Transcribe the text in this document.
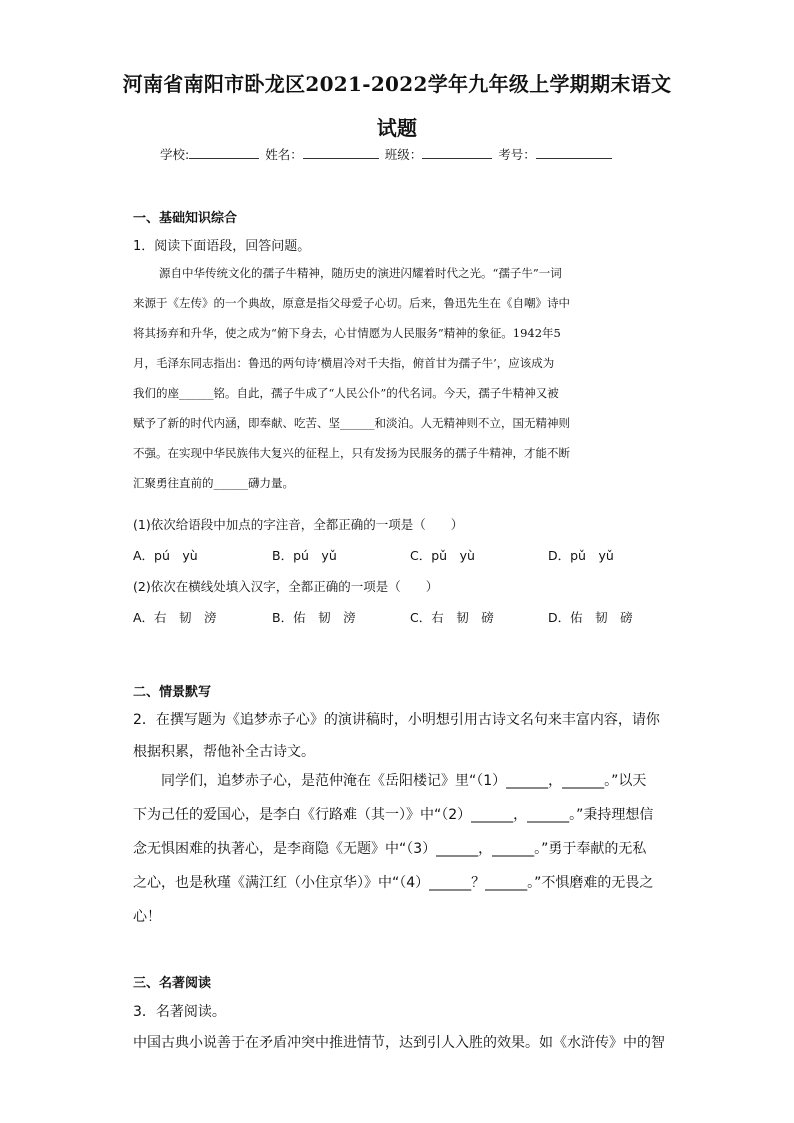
河南省南阳市卧龙区2021-2022学年九年级上学期期末语文
试题
学校:	姓名：	班级：	考号：
一、基础知识综合
1．阅读下面语段，回答问题。
源自中华传统文化的孺子牛精神，随历史的演进闪耀着时代之光。“孺子牛”一词
来源于《左传》的一个典故，原意是指父母爱子心切。后来，鲁迅先生在《自嘲》诗中
将其扬弃和升华，使之成为“俯下身去，心甘情愿为人民服务”精神的象征。1942年5
月，毛泽东同志指出：鲁迅的两句诗‘横眉冷对千夫指，俯首甘为孺子牛’，应该成为
我们的座______铭。自此，孺子牛成了“人民公仆”的代名词。今天，孺子牛精神又被
赋予了新的时代内涵，即奉献、吃苦、坚______和淡泊。人无精神则不立，国无精神则
不强。在实现中华民族伟大复兴的征程上，只有发扬为民服务的孺子牛精神，才能不断
汇聚勇往直前的______礴力量。
(1)依次给语段中加点的字注音，全都正确的一项是（　　）
A．pú　yù	B．pú　yǔ	C．pǔ　yù	D．pǔ　yǔ
(2)依次在横线处填入汉字，全都正确的一项是（　　）
A．右　韧　滂	B．佑　韧　滂	C．右　韧　磅	D．佑　韧　磅
二、情景默写
2．在撰写题为《追梦赤子心》的演讲稿时，小明想引用古诗文名句来丰富内容，请你
根据积累，帮他补全古诗文。
　　同学们，追梦赤子心，是范仲淹在《岳阳楼记》里“（1）______，______。”以天
下为己任的爱国心，是李白《行路难（其一）》中“（2）______，______。”秉持理想信
念无惧困难的执著心，是李商隐《无题》中“（3）______，______。”勇于奉献的无私
之心，也是秋瑾《满江红（小住京华）》中“（4）______？______。”不惧磨难的无畏之
心！
三、名著阅读
3．名著阅读。
中国古典小说善于在矛盾冲突中推进情节，达到引人入胜的效果。如《水浒传》中的智
